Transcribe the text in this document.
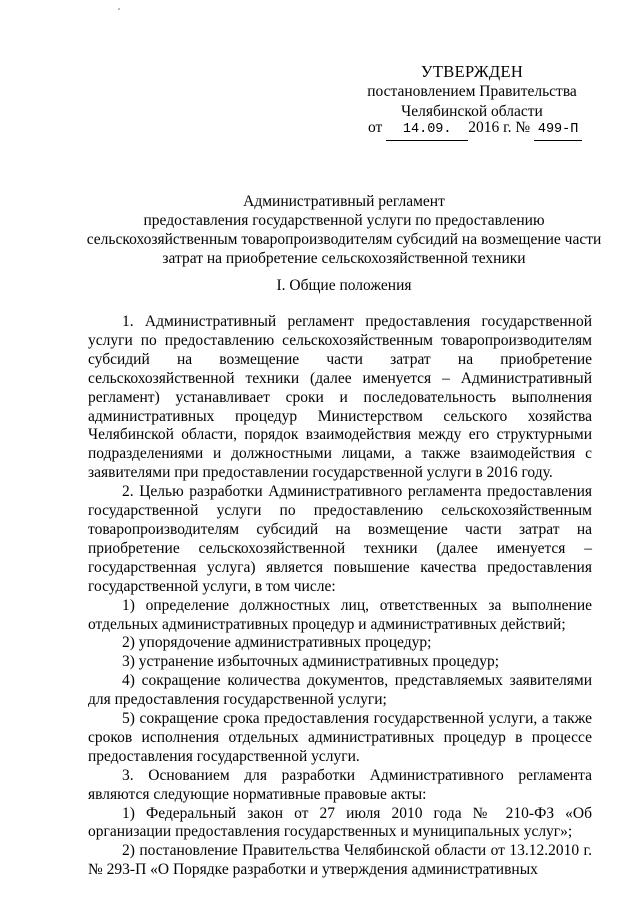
УТВЕРЖДЕН
постановлением Правительства
Челябинской области
от 14.09. 2016 г. № 499-П
Административный регламент
предоставления государственной услуги по предоставлению
сельскохозяйственным товаропроизводителям субсидий на возмещение части
затрат на приобретение сельскохозяйственной техники
I. Общие положения

1. Административный регламент предоставления государственной услуги по предоставлению сельскохозяйственным товаропроизводителям субсидий на возмещение части затрат на приобретение сельскохозяйственной техники (далее именуется – Административный регламент) устанавливает сроки и последовательность выполнения административных процедур Министерством сельского хозяйства Челябинской области, порядок взаимодействия между его структурными подразделениями и должностными лицами, а также взаимодействия с заявителями при предоставлении государственной услуги в 2016 году.

2. Целью разработки Административного регламента предоставления государственной услуги по предоставлению сельскохозяйственным товаропроизводителям субсидий на возмещение части затрат на приобретение сельскохозяйственной техники (далее именуется – государственная услуга) является повышение качества предоставления государственной услуги, в том числе:

1) определение должностных лиц, ответственных за выполнение отдельных административных процедур и административных действий;

2) упорядочение административных процедур;

3) устранение избыточных административных процедур;

4) сокращение количества документов, представляемых заявителями для предоставления государственной услуги;

5) сокращение срока предоставления государственной услуги, а также сроков исполнения отдельных административных процедур в процессе предоставления государственной услуги.

3. Основанием для разработки Административного регламента являются следующие нормативные правовые акты:

1) Федеральный закон от 27 июля 2010 года № 210-ФЗ «Об организации предоставления государственных и муниципальных услуг»;

2) постановление Правительства Челябинской области от 13.12.2010 г. № 293-П «О Порядке разработки и утверждения административных
